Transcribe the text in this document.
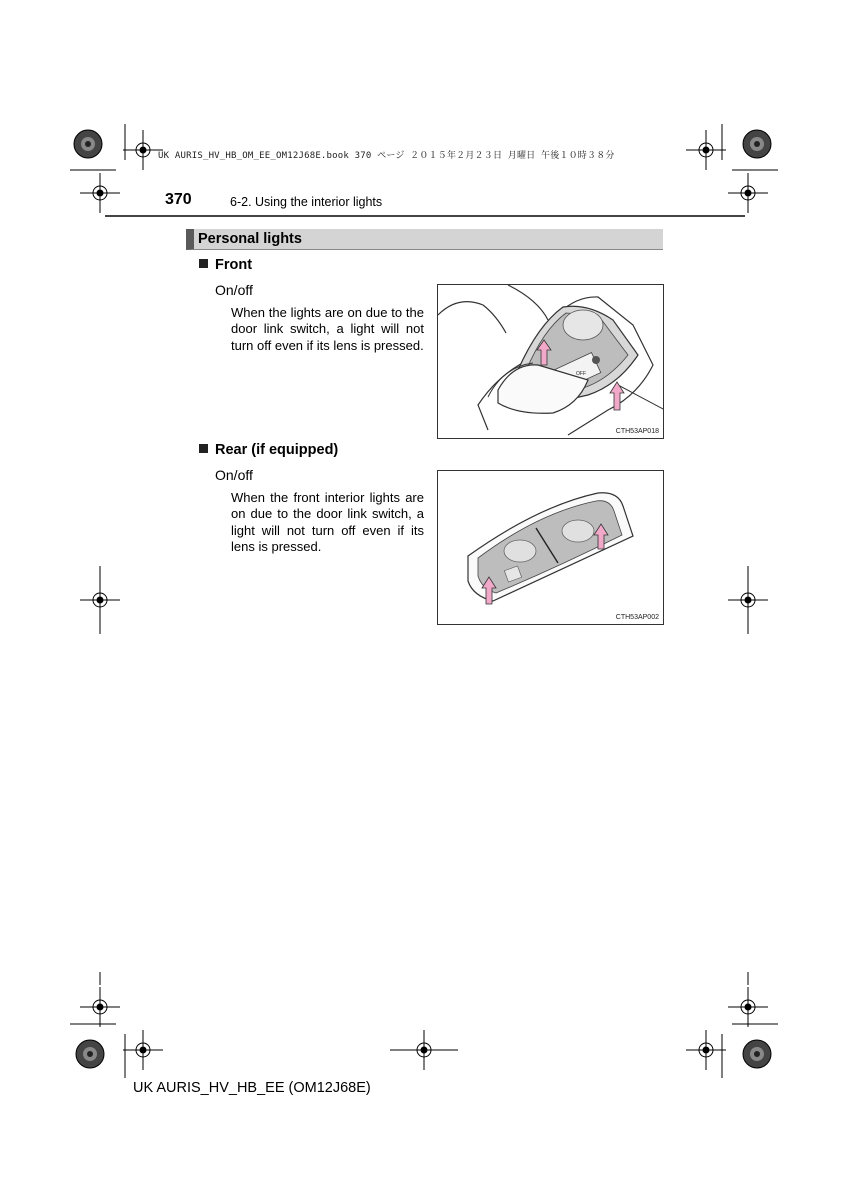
UK AURIS_HV_HB_OM_EE_OM12J68E.book 370 ページ ２０１５年２月２３日 月曜日 午後１０時３８分
370	6-2. Using the interior lights
Personal lights
Front
On/off
When the lights are on due to the door link switch, a light will not turn off even if its lens is pressed.
OFF
CTH53AP018
Rear (if equipped)
On/off
When the front interior lights are on due to the door link switch, a light will not turn off even if its lens is pressed.
CTH53AP002
UK AURIS_HV_HB_EE (OM12J68E)
